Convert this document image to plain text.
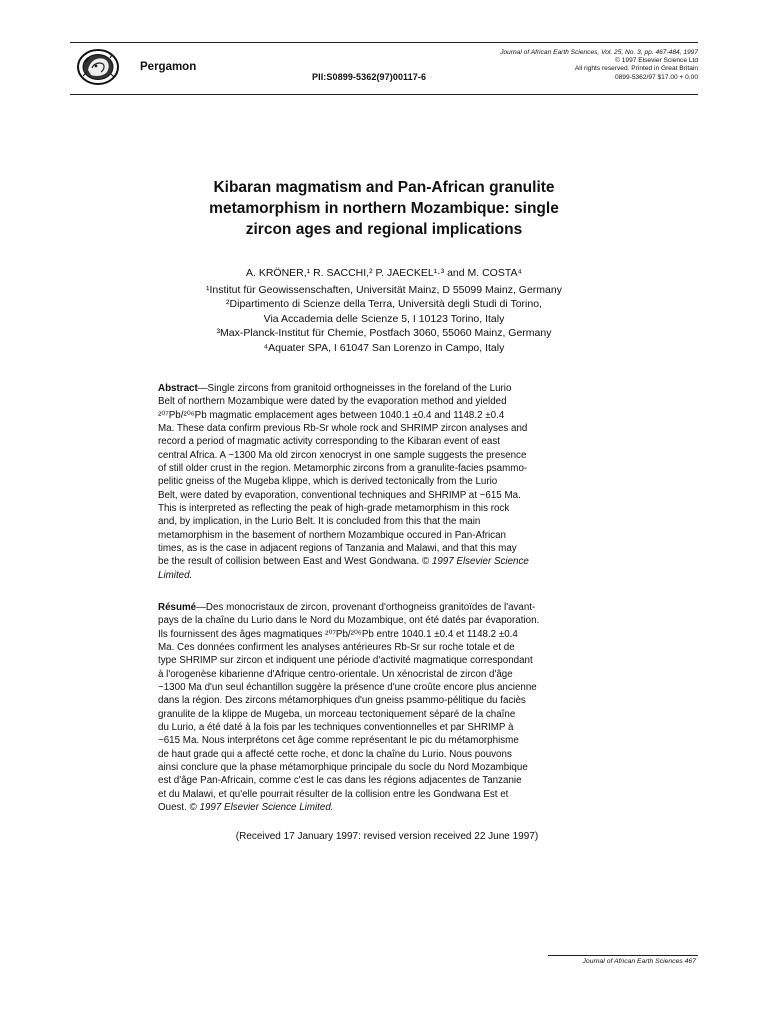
Pergamon
PII:S0899-5362(97)00117-6
Journal of African Earth Sciences, Vol. 25, No. 3, pp. 467-484, 1997
© 1997 Elsevier Science Ltd
All rights reserved. Printed in Great Britain
0899-5362/97 $17.00 + 0.00
Kibaran magmatism and Pan-African granulite
metamorphism in northern Mozambique: single
zircon ages and regional implications
A. KRÖNER,¹ R. SACCHI,² P. JAECKEL¹·³ and M. COSTA⁴
¹Institut für Geowissenschaften, Universität Mainz, D 55099 Mainz, Germany
²Dipartimento di Scienze della Terra, Università degli Studi di Torino,
Via Accademia delle Scienze 5, I 10123 Torino, Italy
³Max-Planck-Institut für Chemie, Postfach 3060, 55060 Mainz, Germany
⁴Aquater SPA, I 61047 San Lorenzo in Campo, Italy
Abstract—Single zircons from granitoid orthogneisses in the foreland of the Lurio
Belt of northern Mozambique were dated by the evaporation method and yielded
²⁰⁷Pb/²⁰⁶Pb magmatic emplacement ages between 1040.1 ±0.4 and 1148.2 ±0.4
Ma. These data confirm previous Rb-Sr whole rock and SHRIMP zircon analyses and
record a period of magmatic activity corresponding to the Kibaran event of east
central Africa. A ~1300 Ma old zircon xenocryst in one sample suggests the presence
of still older crust in the region. Metamorphic zircons from a granulite-facies psammo-
pelitic gneiss of the Mugeba klippe, which is derived tectonically from the Lurio
Belt, were dated by evaporation, conventional techniques and SHRIMP at ~615 Ma.
This is interpreted as reflecting the peak of high-grade metamorphism in this rock
and, by implication, in the Lurio Belt. It is concluded from this that the main
metamorphism in the basement of northern Mozambique occured in Pan-African
times, as is the case in adjacent regions of Tanzania and Malawi, and that this may
be the result of collision between East and West Gondwana. © 1997 Elsevier Science
Limited.
Résumé—Des monocristaux de zircon, provenant d'orthogneiss granitoïdes de l'avant-
pays de la chaîne du Lurio dans le Nord du Mozambique, ont été datés par évaporation.
Ils fournissent des âges magmatiques ²⁰⁷Pb/²⁰⁶Pb entre 1040.1 ±0.4 et 1148.2 ±0.4
Ma. Ces données confirment les analyses antérieures Rb-Sr sur roche totale et de
type SHRIMP sur zircon et indiquent une période d'activité magmatique correspondant
à l'orogenèse kibarienne d'Afrique centro-orientale. Un xénocristal de zircon d'âge
~1300 Ma d'un seul échantillon suggère la présence d'une croûte encore plus ancienne
dans la région. Des zircons métamorphiques d'un gneiss psammo-pélitique du faciès
granulite de la klippe de Mugeba, un morceau tectoniquement séparé de la chaîne
du Lurio, a été daté à la fois par les techniques conventionnelles et par SHRIMP à
~615 Ma. Nous interprétons cet âge comme représentant le pic du métamorphisme
de haut grade qui a affecté cette roche, et donc la chaîne du Lurio. Nous pouvons
ainsi conclure que la phase métamorphique principale du socle du Nord Mozambique
est d'âge Pan-Africain, comme c'est le cas dans les régions adjacentes de Tanzanie
et du Malawi, et qu'elle pourrait résulter de la collision entre les Gondwana Est et
Ouest. © 1997 Elsevier Science Limited.
(Received 17 January 1997: revised version received 22 June 1997)
Journal of African Earth Sciences 467
